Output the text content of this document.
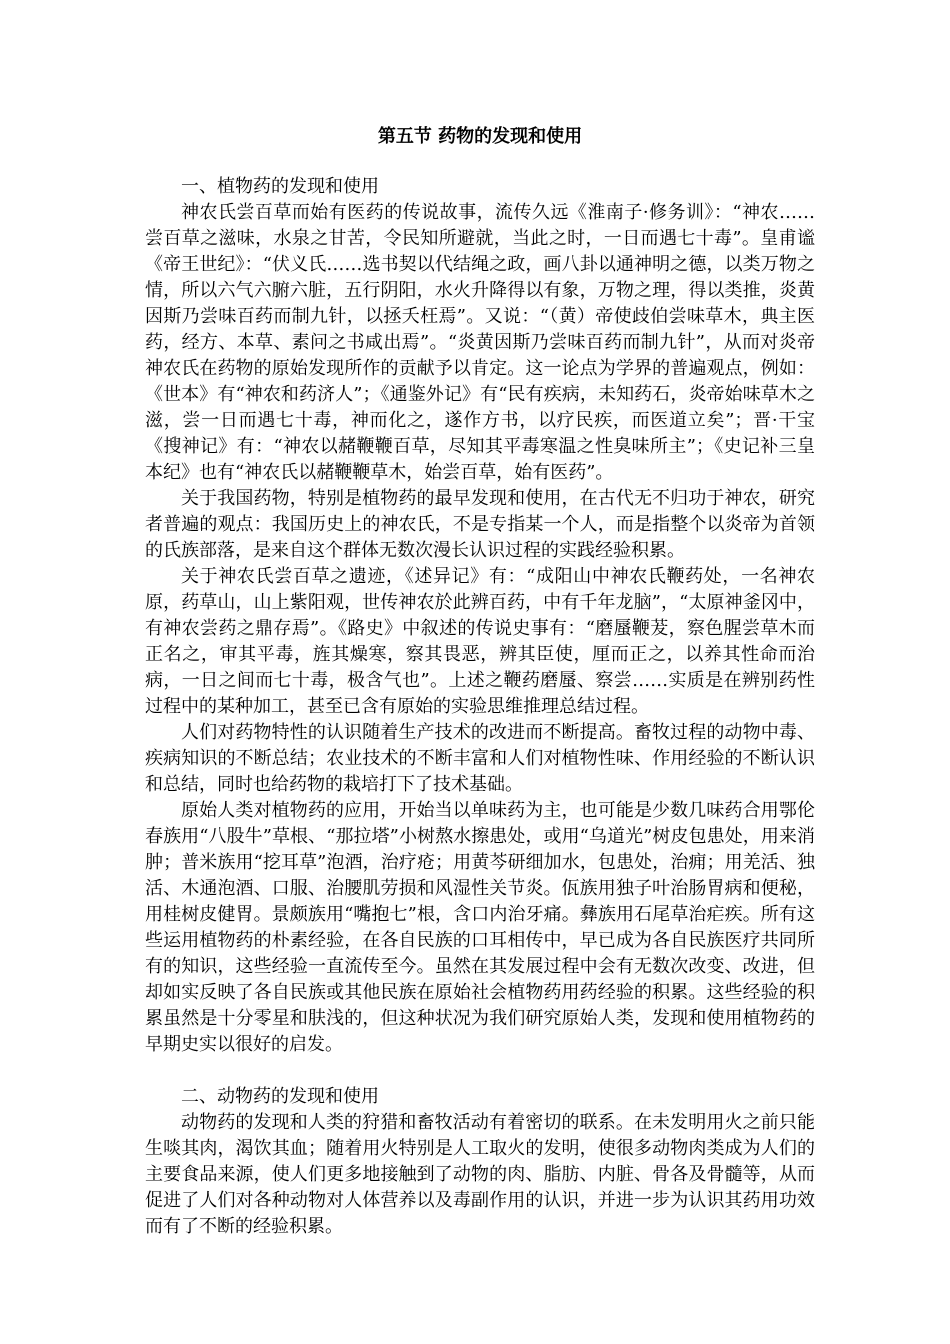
第五节 药物的发现和使用

一、植物药的发现和使用

神农氏尝百草而始有医药的传说故事，流传久远《淮南子·修务训》：“神农……尝百草之滋味，水泉之甘苦，令民知所避就，当此之时，一日而遇七十毒”。皇甫谧《帝王世纪》：“伏义氏……选书契以代结绳之政，画八卦以通神明之德，以类万物之情，所以六气六腑六脏，五行阴阳，水火升降得以有象，万物之理，得以类推，炎黄因斯乃尝味百药而制九针，以拯夭枉焉”。又说：“（黄）帝使歧伯尝味草木，典主医药，经方、本草、素问之书咸出焉”。“炎黄因斯乃尝味百药而制九针”，从而对炎帝神农氏在药物的原始发现所作的贡献予以肯定。这一论点为学界的普遍观点，例如：《世本》有“神农和药济人”；《通鉴外记》有“民有疾病，未知药石，炎帝始味草木之滋，尝一日而遇七十毒，神而化之，遂作方书，以疗民疾，而医道立矣”；晋·干宝《搜神记》有：“神农以赭鞭鞭百草，尽知其平毒寒温之性臭味所主”；《史记补三皇本纪》也有“神农氏以赭鞭鞭草木，始尝百草，始有医药”。

关于我国药物，特别是植物药的最早发现和使用，在古代无不归功于神农，研究者普遍的观点：我国历史上的神农氏，不是专指某一个人，而是指整个以炎帝为首领的氏族部落，是来自这个群体无数次漫长认识过程的实践经验积累。

关于神农氏尝百草之遗迹，《述异记》有：“成阳山中神农氏鞭药处，一名神农原，药草山，山上紫阳观，世传神农於此辨百药，中有千年龙脑”，“太原神釜冈中，有神农尝药之鼎存焉”。《路史》中叙述的传说史事有：“磨蜃鞭茇，察色腥尝草木而正名之，审其平毒，旌其燥寒，察其畏恶，辨其臣使，厘而正之，以养其性命而治病，一日之间而七十毒，极含气也”。上述之鞭药磨蜃、察尝……实质是在辨别药性过程中的某种加工，甚至已含有原始的实验思维推理总结过程。

人们对药物特性的认识随着生产技术的改进而不断提高。畜牧过程的动物中毒、疾病知识的不断总结；农业技术的不断丰富和人们对植物性味、作用经验的不断认识和总结，同时也给药物的栽培打下了技术基础。

原始人类对植物药的应用，开始当以单味药为主，也可能是少数几味药合用鄂伦春族用“八股牛”草根、“那拉塔”小树熬水擦患处，或用“乌道光”树皮包患处，用来消肿；普米族用“挖耳草”泡酒，治疗疮；用黄芩研细加水，包患处，治痈；用羌活、独活、木通泡酒、口服、治腰肌劳损和风湿性关节炎。佤族用独子叶治肠胃病和便秘，用桂树皮健胃。景颇族用“嘴抱七”根，含口内治牙痛。彝族用石尾草治疟疾。所有这些运用植物药的朴素经验，在各自民族的口耳相传中，早已成为各自民族医疗共同所有的知识，这些经验一直流传至今。虽然在其发展过程中会有无数次改变、改进，但却如实反映了各自民族或其他民族在原始社会植物药用药经验的积累。这些经验的积累虽然是十分零星和肤浅的，但这种状况为我们研究原始人类，发现和使用植物药的早期史实以很好的启发。

二、动物药的发现和使用

动物药的发现和人类的狩猎和畜牧活动有着密切的联系。在未发明用火之前只能生啖其肉，渴饮其血；随着用火特别是人工取火的发明，使很多动物肉类成为人们的主要食品来源，使人们更多地接触到了动物的肉、脂肪、内脏、骨各及骨髓等，从而促进了人们对各种动物对人体营养以及毒副作用的认识，并进一步为认识其药用功效而有了不断的经验积累。
